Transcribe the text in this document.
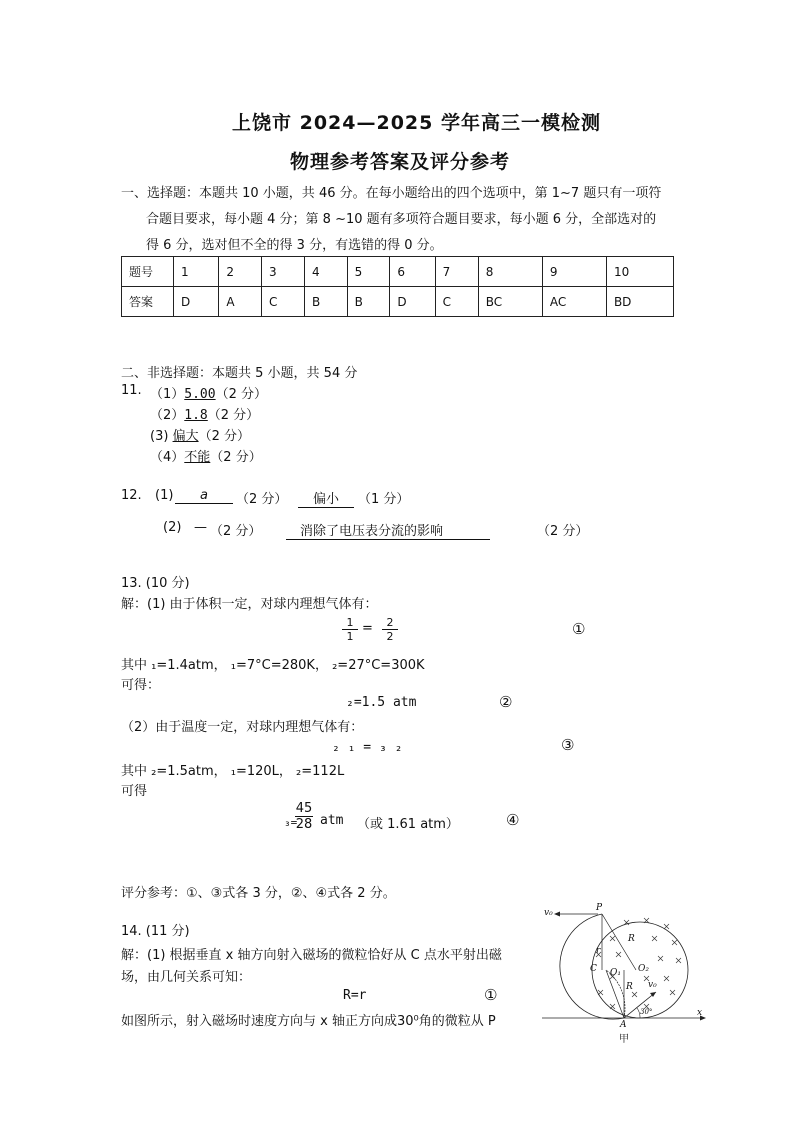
上饶市 2024—2025 学年高三一模检测
物理参考答案及评分参考
一、选择题：本题共 10 小题，共 46 分。在每小题给出的四个选项中，第 1~7 题只有一项符
合题目要求，每小题 4 分；第 8 ~10 题有多项符合题目要求，每小题 6 分，全部选对的
得 6 分，选对但不全的得 3 分，有选错的得 0 分。
题号	1	2	3	4	5	6	7	8	9	10
答案	D	A	C	B	B	D	C	BC	AC	BD
二、非选择题：本题共 5 小题，共 54 分
11. （1）5.00（2 分）
（2）1.8（2 分）
(3) 偏大（2 分）
（4）不能（2 分）
12. (1)	a	（2 分）	偏小	（1 分）
(2) — （2 分）	消除了电压表分流的影响	（2 分）
13. (10 分)
解：(1) 由于体积一定，对球内理想气体有：
$\frac{1}{1} = \frac{2}{2}$	①
其中 ₁=1.4atm， ₁=7°C=280K， ₂=27°C=300K
可得：
₂=1.5 atm	②
（2）由于温度一定，对球内理想气体有：
₂ ₁ = ₃ ₂	③
其中 ₂=1.5atm， ₁=120L， ₂=112L
可得
₃=
$\frac{45}{28}$ atm （或 1.61 atm）	④
评分参考：①、③式各 3 分，②、④式各 2 分。
14. (11 分)
解：(1) 根据垂直 x 轴方向射入磁场的微粒恰好从 C 点水平射出磁
场，由几何关系可知：
R=r	①
如图所示，射入磁场时速度方向与 x 轴正方向成30⁰角的微粒从 P
v₀	P
C O₁ O₂
R
R
r
A
x
v₀
30°
甲
